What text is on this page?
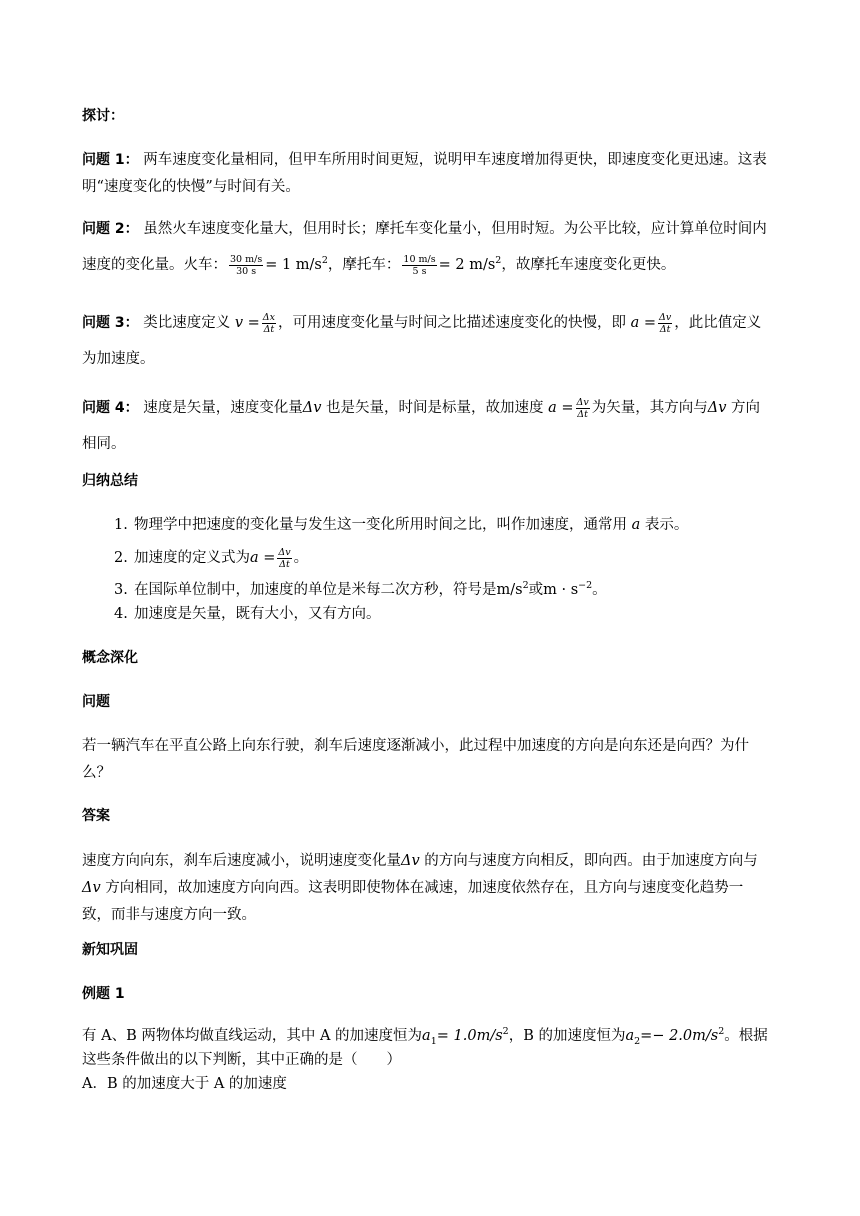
探讨：
问题 1： 两车速度变化量相同，但甲车所用时间更短，说明甲车速度增加得更快，即速度变化更迅速。这表明“速度变化的快慢”与时间有关。
问题 2： 虽然火车速度变化量大，但用时长；摩托车变化量小，但用时短。为公平比较，应计算单位时间内速度的变化量。火车： $\frac{30 m/s}{30 s} = 1$ $m/s^2$，摩托车： $\frac{10 m/s}{5 s} = 2$ $m/s^2$，故摩托车速度变化更快。
问题 3： 类比速度定义 $v = \frac{\Delta x}{\Delta t}$ ，可用速度变化量与时间之比描述速度变化的快慢，即 $a = \frac{\Delta v}{\Delta t}$ ，此比值定义为加速度。
问题 4： 速度是矢量，速度变化量Δv 也是矢量，时间是标量，故加速度 $a = \frac{\Delta v}{\Delta t}$ 为矢量，其方向与Δv 方向相同。
归纳总结
1. 物理学中把速度的变化量与发生这一变化所用时间之比，叫作加速度，通常用 a 表示。
2. 加速度的定义式为$a = \frac{\Delta v}{\Delta t}$ 。
3. 在国际单位制中，加速度的单位是米每二次方秒，符号是$m/s^2$或$m \cdot s^{-2}$。
4. 加速度是矢量，既有大小，又有方向。
概念深化
问题
若一辆汽车在平直公路上向东行驶，刹车后速度逐渐减小，此过程中加速度的方向是向东还是向西？为什么？
答案
速度方向向东，刹车后速度减小，说明速度变化量Δv 的方向与速度方向相反，即向西。由于加速度方向与Δv 方向相同，故加速度方向向西。这表明即使物体在减速，加速度依然存在，且方向与速度变化趋势一致，而非与速度方向一致。
新知巩固
例题 1
有 A、B 两物体均做直线运动，其中 A 的加速度恒为$a_1= 1.0m/s^2$，B 的加速度恒为$a_2=- 2.0m/s^2$。根据这些条件做出的以下判断，其中正确的是（　　）
A．B 的加速度大于 A 的加速度
